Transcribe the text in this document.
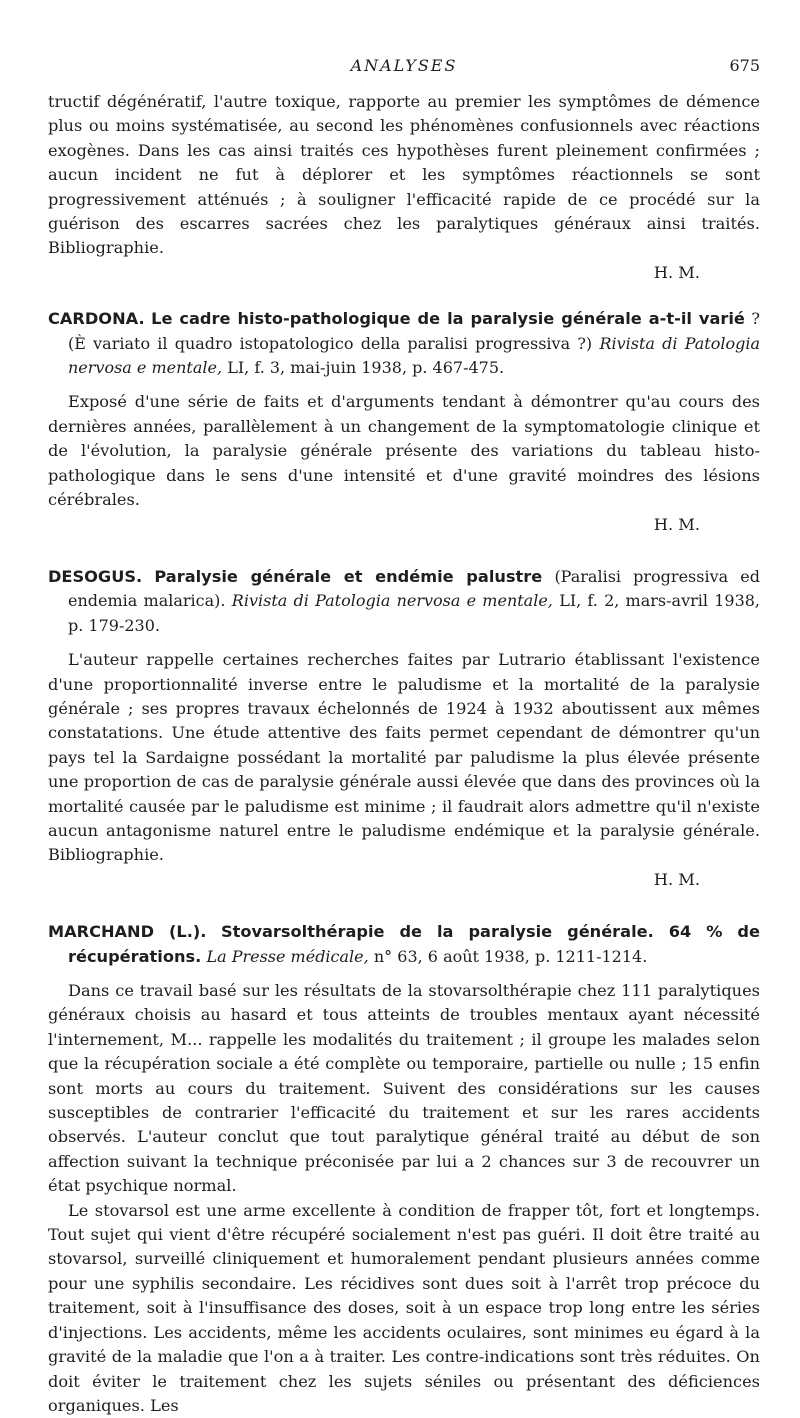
ANALYSES	675

tructif dégénératif, l'autre toxique, rapporte au premier les symptômes de démence plus ou moins systématisée, au second les phénomènes confusionnels avec réactions exogènes. Dans les cas ainsi traités ces hypothèses furent pleinement confirmées ; aucun incident ne fut à déplorer et les symptômes réactionnels se sont progressivement atténués ; à souligner l'efficacité rapide de ce procédé sur la guérison des escarres sacrées chez les paralytiques généraux ainsi traités. Bibliographie.

H. M.

CARDONA. Le cadre histo-pathologique de la paralysie générale a-t-il varié ? (È variato il quadro istopatologico della paralisi progressiva ?) Rivista di Patologia nervosa e mentale, LI, f. 3, mai-juin 1938, p. 467-475.

Exposé d'une série de faits et d'arguments tendant à démontrer qu'au cours des dernières années, parallèlement à un changement de la symptomatologie clinique et de l'évolution, la paralysie générale présente des variations du tableau histo-pathologique dans le sens d'une intensité et d'une gravité moindres des lésions cérébrales.

H. M.

DESOGUS. Paralysie générale et endémie palustre (Paralisi progressiva ed endemia malarica). Rivista di Patologia nervosa e mentale, LI, f. 2, mars-avril 1938, p. 179-230.

L'auteur rappelle certaines recherches faites par Lutrario établissant l'existence d'une proportionnalité inverse entre le paludisme et la mortalité de la paralysie générale ; ses propres travaux échelonnés de 1924 à 1932 aboutissent aux mêmes constatations. Une étude attentive des faits permet cependant de démontrer qu'un pays tel la Sardaigne possédant la mortalité par paludisme la plus élevée présente une proportion de cas de paralysie générale aussi élevée que dans des provinces où la mortalité causée par le paludisme est minime ; il faudrait alors admettre qu'il n'existe aucun antagonisme naturel entre le paludisme endémique et la paralysie générale. Bibliographie.

H. M.

MARCHAND (L.). Stovarsolthérapie de la paralysie générale. 64 % de récupérations. La Presse médicale, n° 63, 6 août 1938, p. 1211-1214.

Dans ce travail basé sur les résultats de la stovarsolthérapie chez 111 paralytiques généraux choisis au hasard et tous atteints de troubles mentaux ayant nécessité l'internement, M... rappelle les modalités du traitement ; il groupe les malades selon que la récupération sociale a été complète ou temporaire, partielle ou nulle ; 15 enfin sont morts au cours du traitement. Suivent des considérations sur les causes susceptibles de contrarier l'efficacité du traitement et sur les rares accidents observés. L'auteur conclut que tout paralytique général traité au début de son affection suivant la technique préconisée par lui a 2 chances sur 3 de recouvrer un état psychique normal.

Le stovarsol est une arme excellente à condition de frapper tôt, fort et longtemps. Tout sujet qui vient d'être récupéré socialement n'est pas guéri. Il doit être traité au stovarsol, surveillé cliniquement et humoralement pendant plusieurs années comme pour une syphilis secondaire. Les récidives sont dues soit à l'arrêt trop précoce du traitement, soit à l'insuffisance des doses, soit à un espace trop long entre les séries d'injections. Les accidents, même les accidents oculaires, sont minimes eu égard à la gravité de la maladie que l'on a à traiter. Les contre-indications sont très réduites. On doit éviter le traitement chez les sujets séniles ou présentant des déficiences organiques. Les
